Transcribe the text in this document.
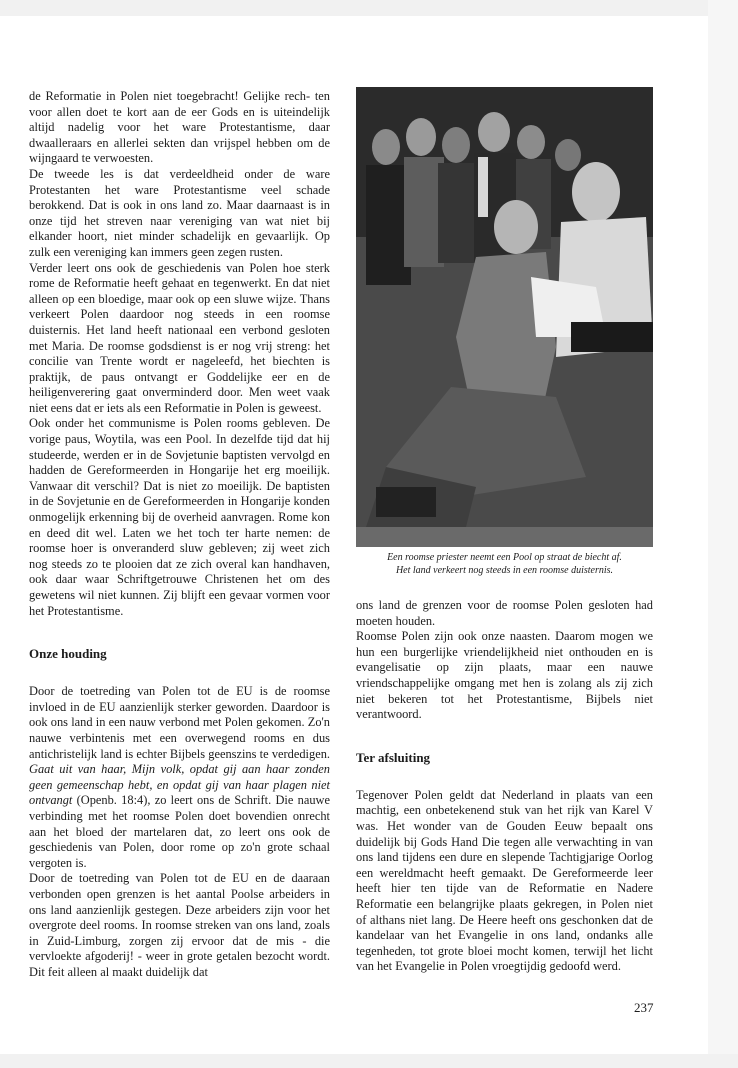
de Reformatie in Polen niet toegebracht! Gelijke rech- ten voor allen doet te kort aan de eer Gods en is uiteindelijk altijd nadelig voor het ware Protestantisme, daar dwaalleraars en allerlei sekten dan vrijspel hebben om de wijngaard te verwoesten.

De tweede les is dat verdeeldheid onder de ware Protestanten het ware Protestantisme veel schade berokkend. Dat is ook in ons land zo. Maar daarnaast is in onze tijd het streven naar vereniging van wat niet bij elkander hoort, niet minder schadelijk en gevaarlijk. Op zulk een vereniging kan immers geen zegen rusten.

Verder leert ons ook de geschiedenis van Polen hoe sterk rome de Reformatie heeft gehaat en tegenwerkt. En dat niet alleen op een bloedige, maar ook op een sluwe wijze. Thans verkeert Polen daardoor nog steeds in een roomse duisternis. Het land heeft nationaal een verbond gesloten met Maria. De roomse godsdienst is er nog vrij streng: het concilie van Trente wordt er nageleefd, het biechten is praktijk, de paus ontvangt er Goddelijke eer en de heiligenverering gaat onverminderd door. Men weet vaak niet eens dat er iets als een Reformatie in Polen is geweest.

Ook onder het communisme is Polen rooms gebleven. De vorige paus, Woytila, was een Pool. In dezelfde tijd dat hij studeerde, werden er in de Sovjetunie baptisten vervolgd en hadden de Gereformeerden in Hongarije het erg moeilijk. Vanwaar dit verschil? Dat is niet zo moeilijk. De baptisten in de Sovjetunie en de Gereformeerden in Hongarije konden onmogelijk erkenning bij de overheid aanvragen. Rome kon en deed dit wel. Laten we het toch ter harte nemen: de roomse hoer is onveranderd sluw gebleven; zij weet zich nog steeds zo te plooien dat ze zich overal kan handhaven, ook daar waar Schriftgetrouwe Christenen het om des gewetens wil niet kunnen. Zij blijft een gevaar vormen voor het Protestantisme.

Onze houding

Door de toetreding van Polen tot de EU is de roomse invloed in de EU aanzienlijk sterker geworden. Daardoor is ook ons land in een nauw verbond met Polen gekomen. Zo'n nauwe verbintenis met een overwegend rooms en dus antichristelijk land is echter Bijbels geenszins te verdedigen. Gaat uit van haar, Mijn volk, opdat gij aan haar zonden geen gemeenschap hebt, en opdat gij van haar plagen niet ontvangt (Openb. 18:4), zo leert ons de Schrift. Die nauwe verbinding met het roomse Polen doet bovendien onrecht aan het bloed der martelaren dat, zo leert ons ook de geschiedenis van Polen, door rome op zo'n grote schaal vergoten is.

Door de toetreding van Polen tot de EU en de daaraan verbonden open grenzen is het aantal Poolse arbeiders in ons land aanzienlijk gestegen. Deze arbeiders zijn voor het overgrote deel rooms. In roomse streken van ons land, zoals in Zuid-Limburg, zorgen zij ervoor dat de mis - die vervloekte afgoderij! - weer in grote getalen bezocht wordt. Dit feit alleen al maakt duidelijk dat

Een roomse priester neemt een Pool op straat de biecht af.
Het land verkeert nog steeds in een roomse duisternis.

ons land de grenzen voor de roomse Polen gesloten had moeten houden.

Roomse Polen zijn ook onze naasten. Daarom mogen we hun een burgerlijke vriendelijkheid niet onthouden en is evangelisatie op zijn plaats, maar een nauwe vriendschappelijke omgang met hen is zolang als zij zich niet bekeren tot het Protestantisme, Bijbels niet verantwoord.

Ter afsluiting

Tegenover Polen geldt dat Nederland in plaats van een machtig, een onbetekenend stuk van het rijk van Karel V was. Het wonder van de Gouden Eeuw bepaalt ons duidelijk bij Gods Hand Die tegen alle verwachting in van ons land tijdens een dure en slepende Tachtigjarige Oorlog een wereldmacht heeft gemaakt. De Gereformeerde leer heeft hier ten tijde van de Reformatie en Nadere Reformatie een belangrijke plaats gekregen, in Polen niet of althans niet lang. De Heere heeft ons geschonken dat de kandelaar van het Evangelie in ons land, ondanks alle tegenheden, tot grote bloei mocht komen, terwijl het licht van het Evangelie in Polen vroegtijdig gedoofd werd.

237
